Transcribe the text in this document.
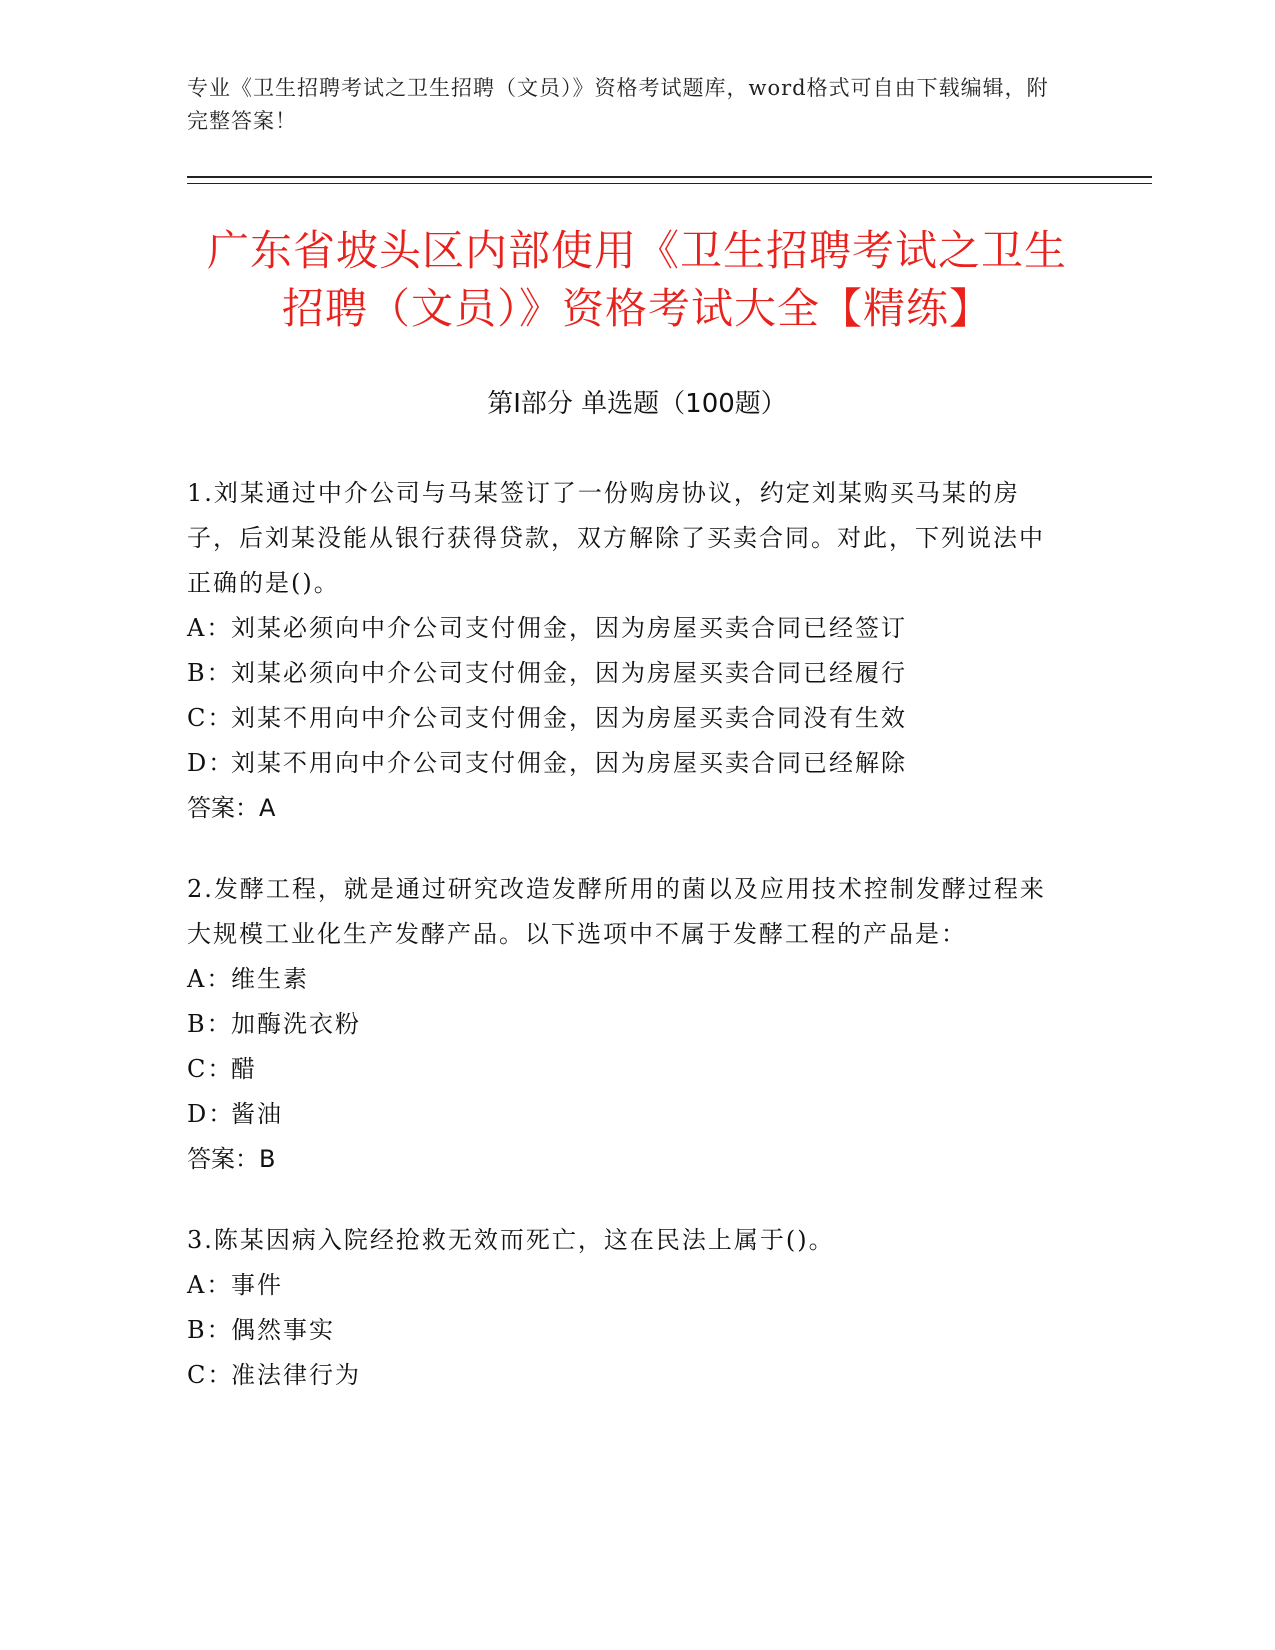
专业《卫生招聘考试之卫生招聘（文员）》资格考试题库，word格式可自由下载编辑，附完整答案！
广东省坡头区内部使用《卫生招聘考试之卫生招聘（文员）》资格考试大全【精练】
第I部分 单选题（100题）

1.刘某通过中介公司与马某签订了一份购房协议，约定刘某购买马某的房子，后刘某没能从银行获得贷款，双方解除了买卖合同。对此，下列说法中正确的是()。

A：刘某必须向中介公司支付佣金，因为房屋买卖合同已经签订
B：刘某必须向中介公司支付佣金，因为房屋买卖合同已经履行
C：刘某不用向中介公司支付佣金，因为房屋买卖合同没有生效
D：刘某不用向中介公司支付佣金，因为房屋买卖合同已经解除

答案：A

2.发酵工程，就是通过研究改造发酵所用的菌以及应用技术控制发酵过程来大规模工业化生产发酵产品。以下选项中不属于发酵工程的产品是：

A：维生素
B：加酶洗衣粉
C：醋
D：酱油

答案：B

3.陈某因病入院经抢救无效而死亡，这在民法上属于()。

A：事件
B：偶然事实
C：准法律行为
